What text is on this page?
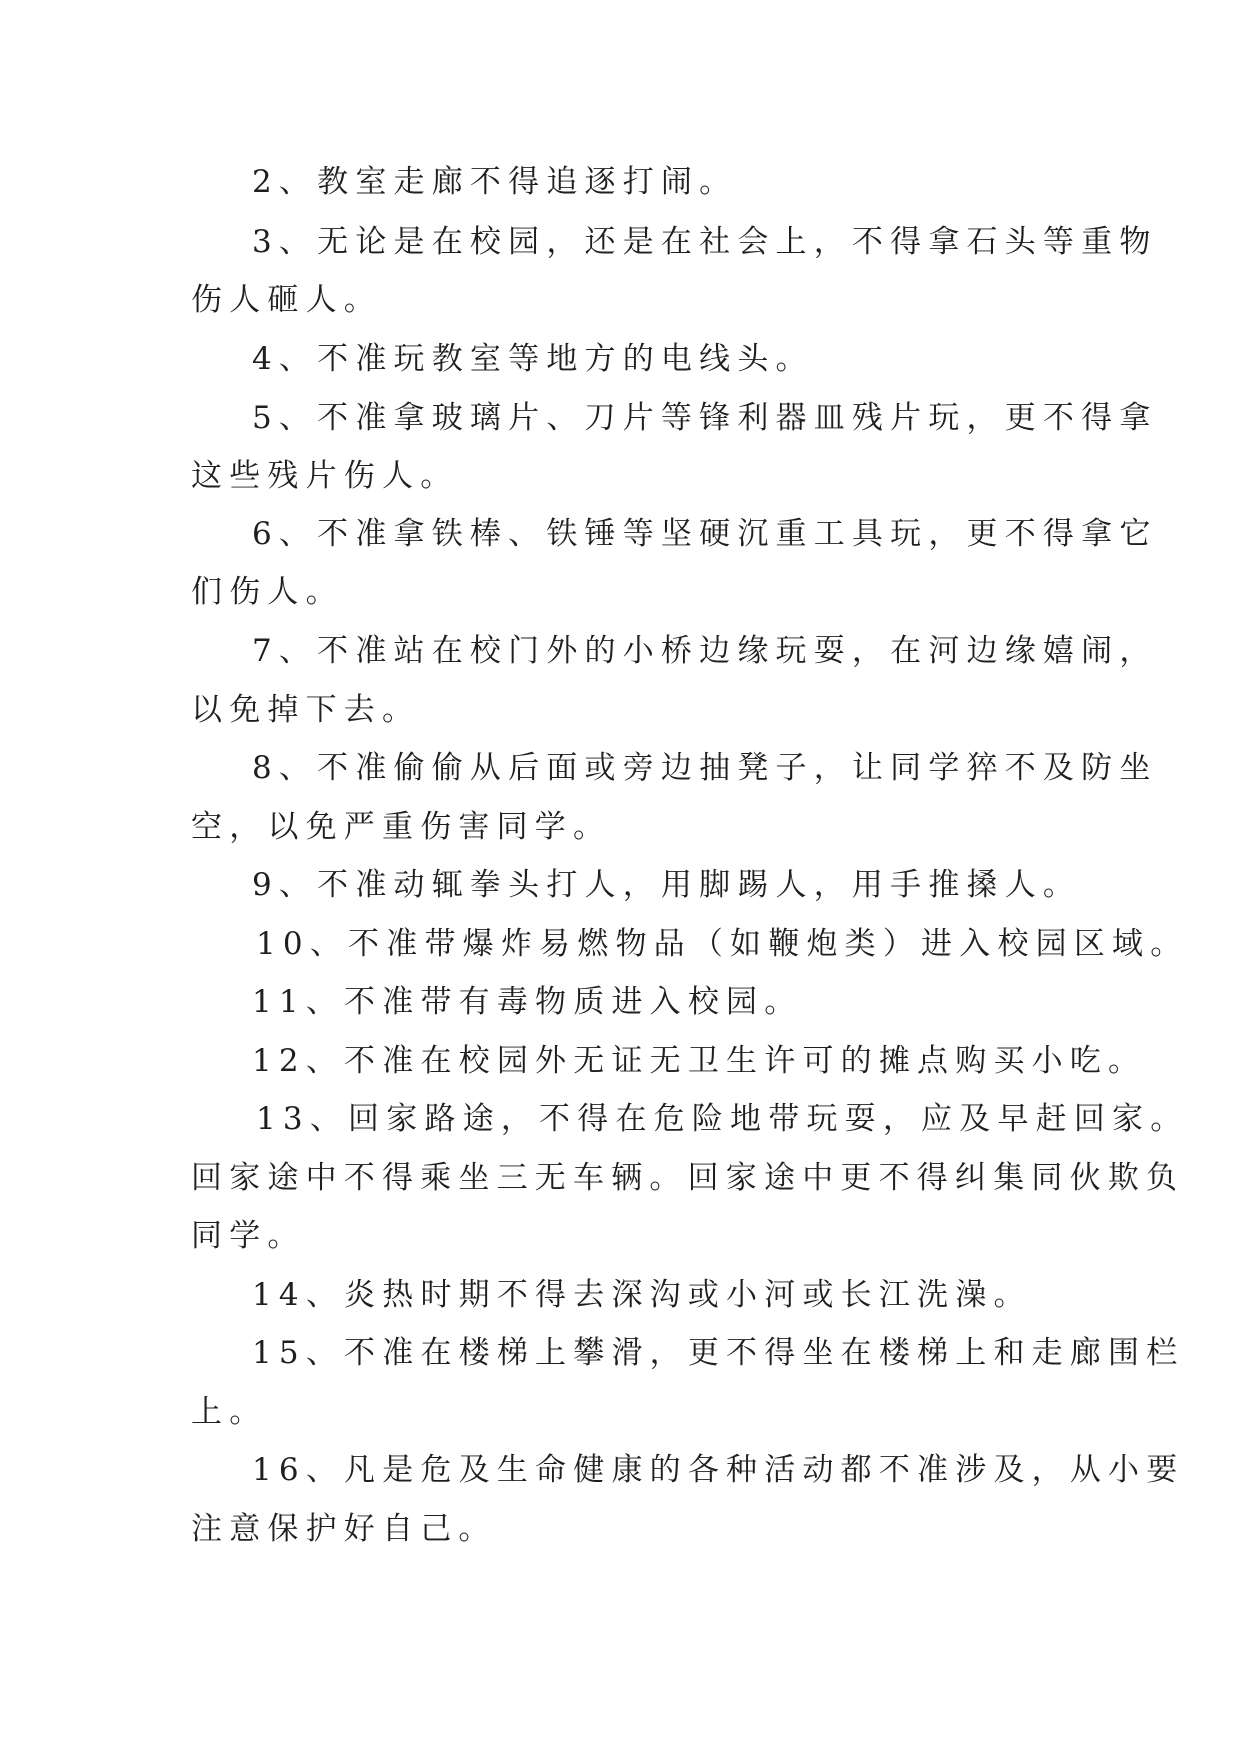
2、教室走廊不得追逐打闹。
3、无论是在校园，还是在社会上，不得拿石头等重物
伤人砸人。
4、不准玩教室等地方的电线头。
5、不准拿玻璃片、刀片等锋利器皿残片玩，更不得拿
这些残片伤人。
6、不准拿铁棒、铁锤等坚硬沉重工具玩，更不得拿它
们伤人。
7、不准站在校门外的小桥边缘玩耍，在河边缘嬉闹，
以免掉下去。
8、不准偷偷从后面或旁边抽凳子，让同学猝不及防坐
空，以免严重伤害同学。
9、不准动辄拳头打人，用脚踢人，用手推搡人。
10、不准带爆炸易燃物品（如鞭炮类）进入校园区域。
11、不准带有毒物质进入校园。
12、不准在校园外无证无卫生许可的摊点购买小吃。
13、回家路途，不得在危险地带玩耍，应及早赶回家。
回家途中不得乘坐三无车辆。回家途中更不得纠集同伙欺负
同学。
14、炎热时期不得去深沟或小河或长江洗澡。
15、不准在楼梯上攀滑，更不得坐在楼梯上和走廊围栏
上。
16、凡是危及生命健康的各种活动都不准涉及，从小要
注意保护好自己。
